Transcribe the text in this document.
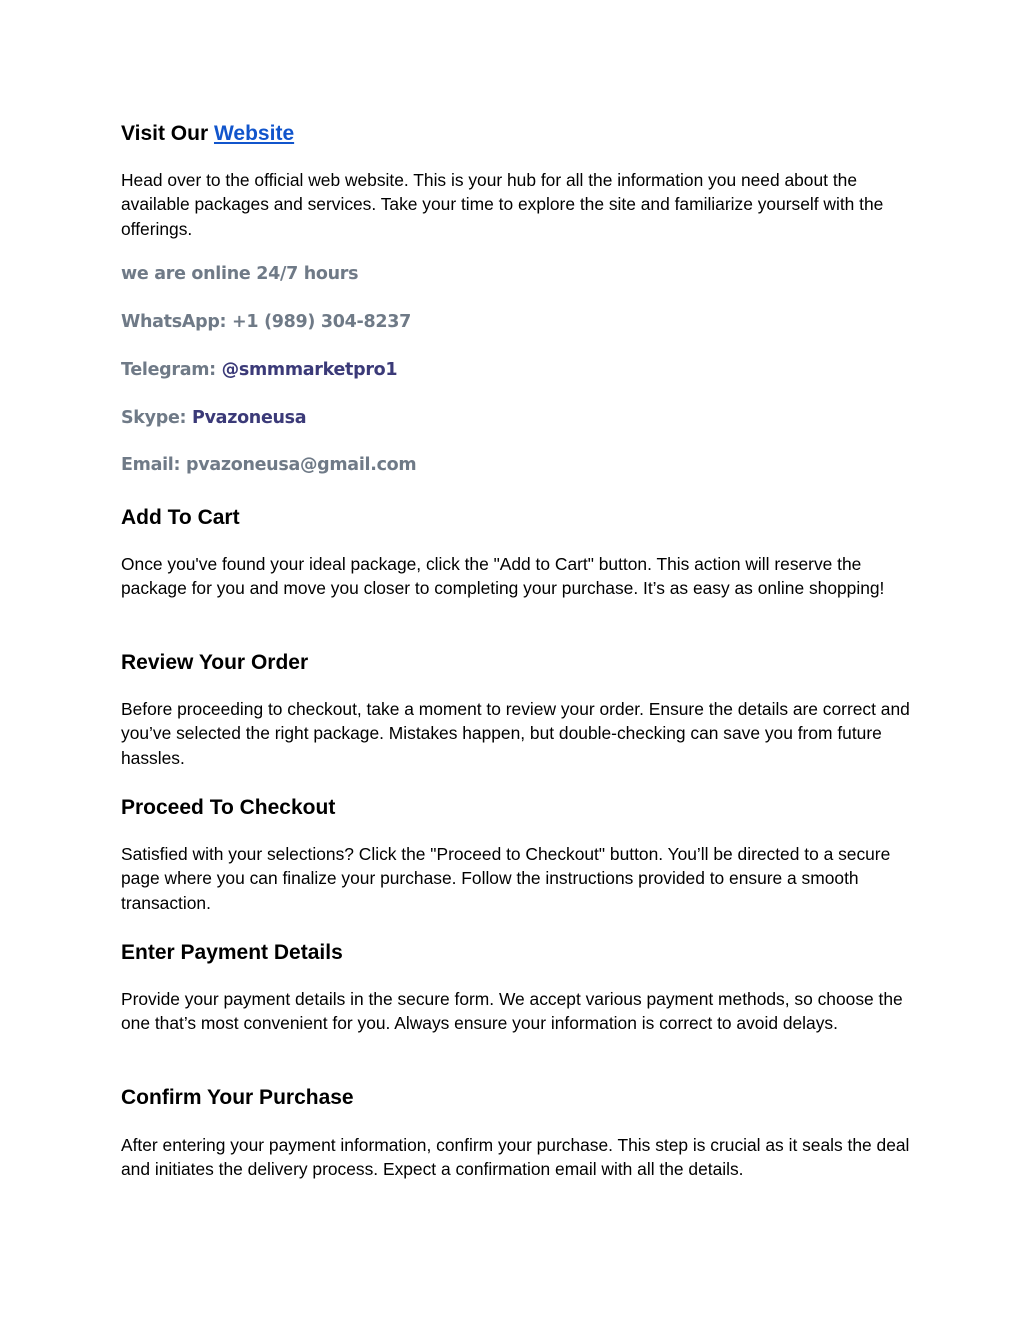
Visit Our Website

Head over to the official web website. This is your hub for all the information you need about the available packages and services. Take your time to explore the site and familiarize yourself with the offerings.

we are online 24/7 hours
WhatsApp: +1 (989) 304-8237
Telegram: @smmmarketpro1
Skype: Pvazoneusa
Email: pvazoneusa@gmail.com
Add To Cart

Once you've found your ideal package, click the "Add to Cart" button. This action will reserve the package for you and move you closer to completing your purchase. It’s as easy as online shopping!

Review Your Order

Before proceeding to checkout, take a moment to review your order. Ensure the details are correct and you’ve selected the right package. Mistakes happen, but double-checking can save you from future hassles.

Proceed To Checkout

Satisfied with your selections? Click the "Proceed to Checkout" button. You’ll be directed to a secure page where you can finalize your purchase. Follow the instructions provided to ensure a smooth transaction.

Enter Payment Details

Provide your payment details in the secure form. We accept various payment methods, so choose the one that’s most convenient for you. Always ensure your information is correct to avoid delays.

Confirm Your Purchase

After entering your payment information, confirm your purchase. This step is crucial as it seals the deal and initiates the delivery process. Expect a confirmation email with all the details.
